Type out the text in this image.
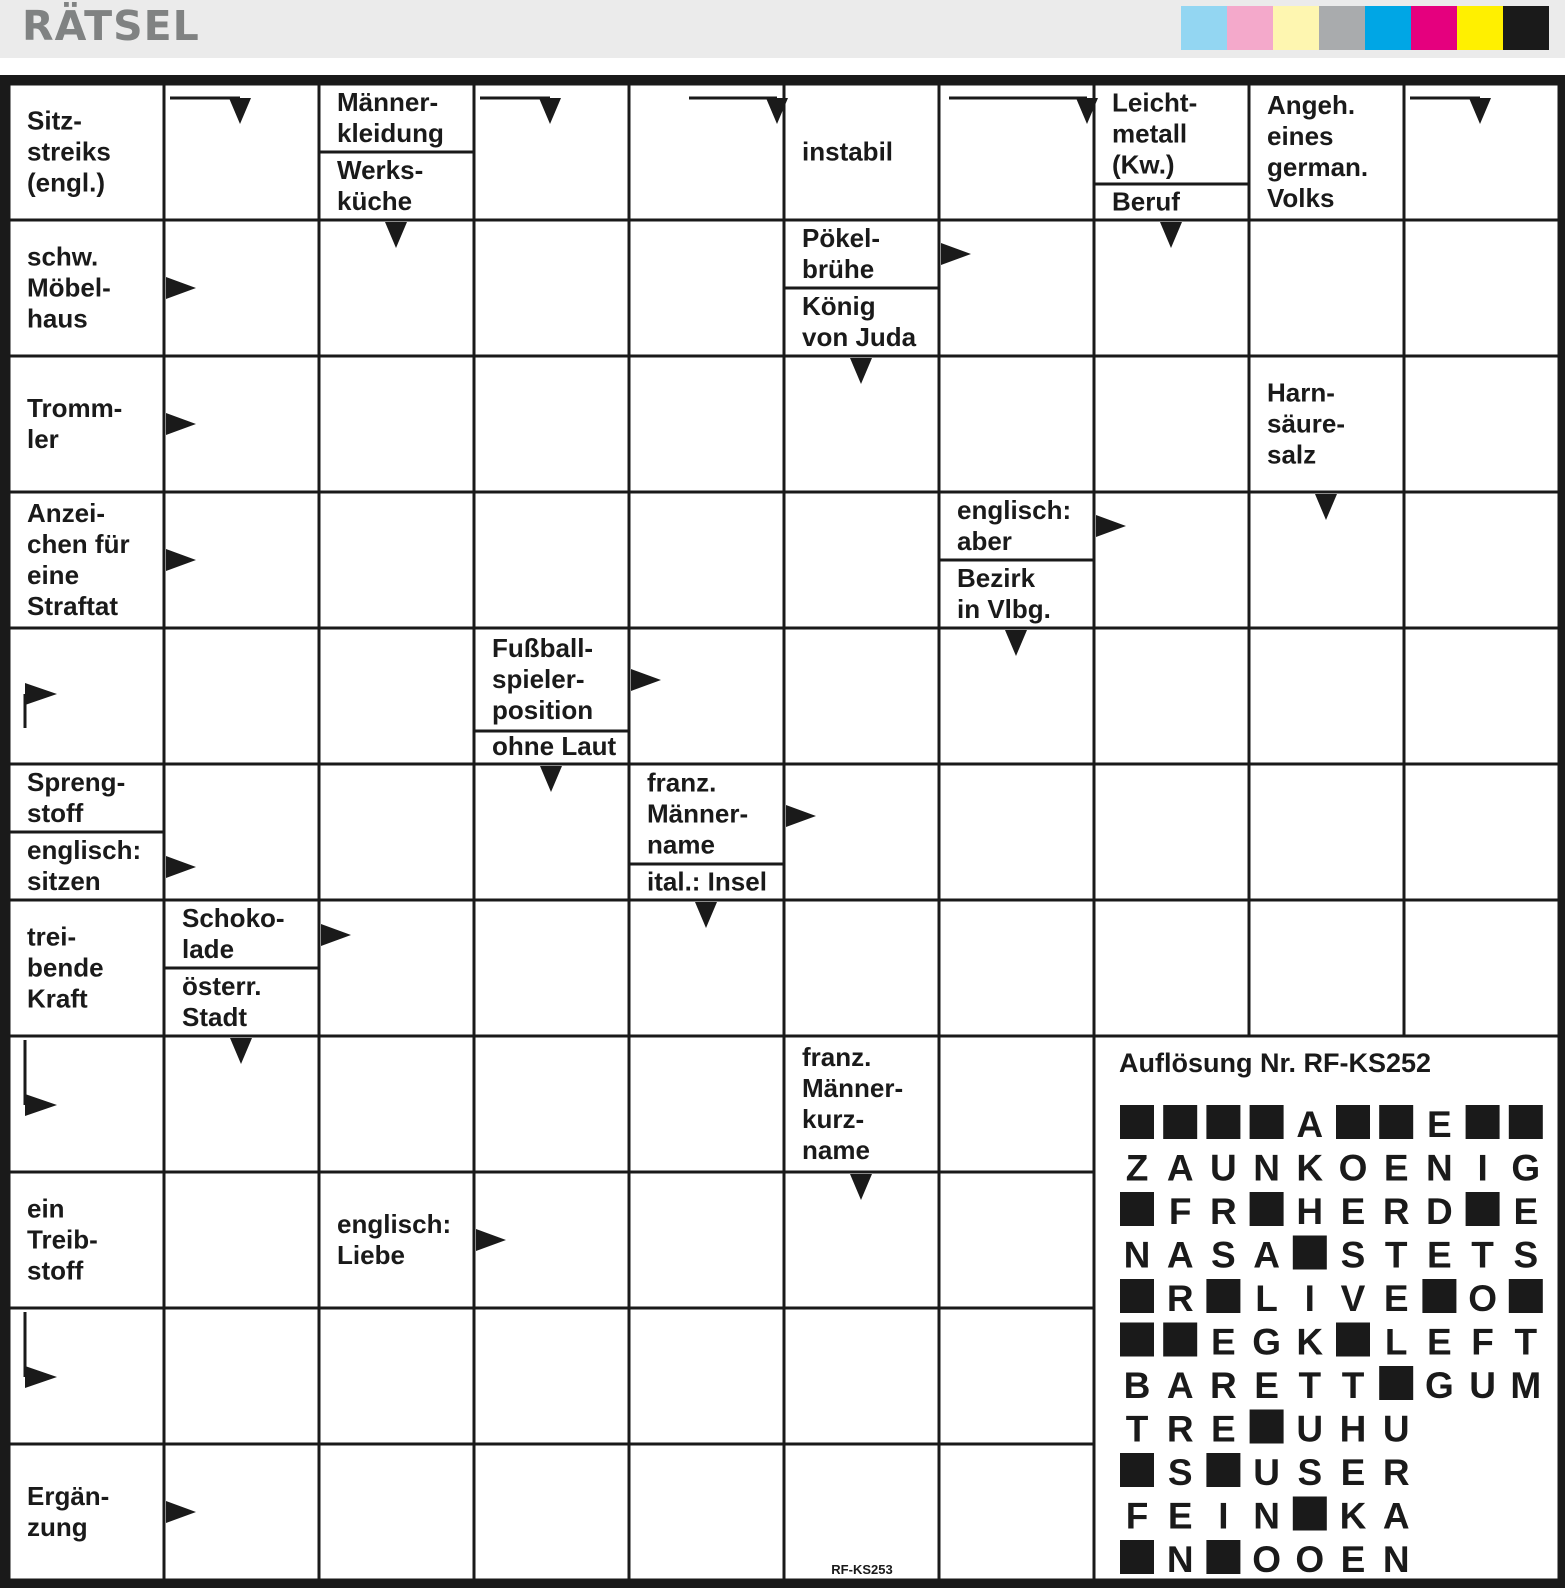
RÄTSEL
Sitz-streiks (engl.)
Männer-kleidung
Werks-küche
instabil
Leicht-metall (Kw.)
Beruf
Angeh. eines german. Volks
schw. Möbel-haus
Pökel-brühe
König von Juda
Tromm-ler
Harn-säure-salz
Anzei-chen für eine Straftat
englisch: aber
Bezirk in Vlbg.
Fußball-spieler-position
ohne Laut
Spreng-stoff
englisch: sitzen
franz. Männer-name
ital.: Insel
trei-bende Kraft
Schoko-lade
österr. Stadt
franz. Männer-kurz-name
ein Treib-stoff
englisch: Liebe
Ergän-zung
Auflösung Nr. RF-KS252
A	E
Z A U N K O E N I G
F R H E R D E
N A S A S T E T S
R L I V E O
E G K L E F T
B A R E T T G U M
T R E U H U
S U S E R
F E I N K A
N O O E N
RF-KS253
